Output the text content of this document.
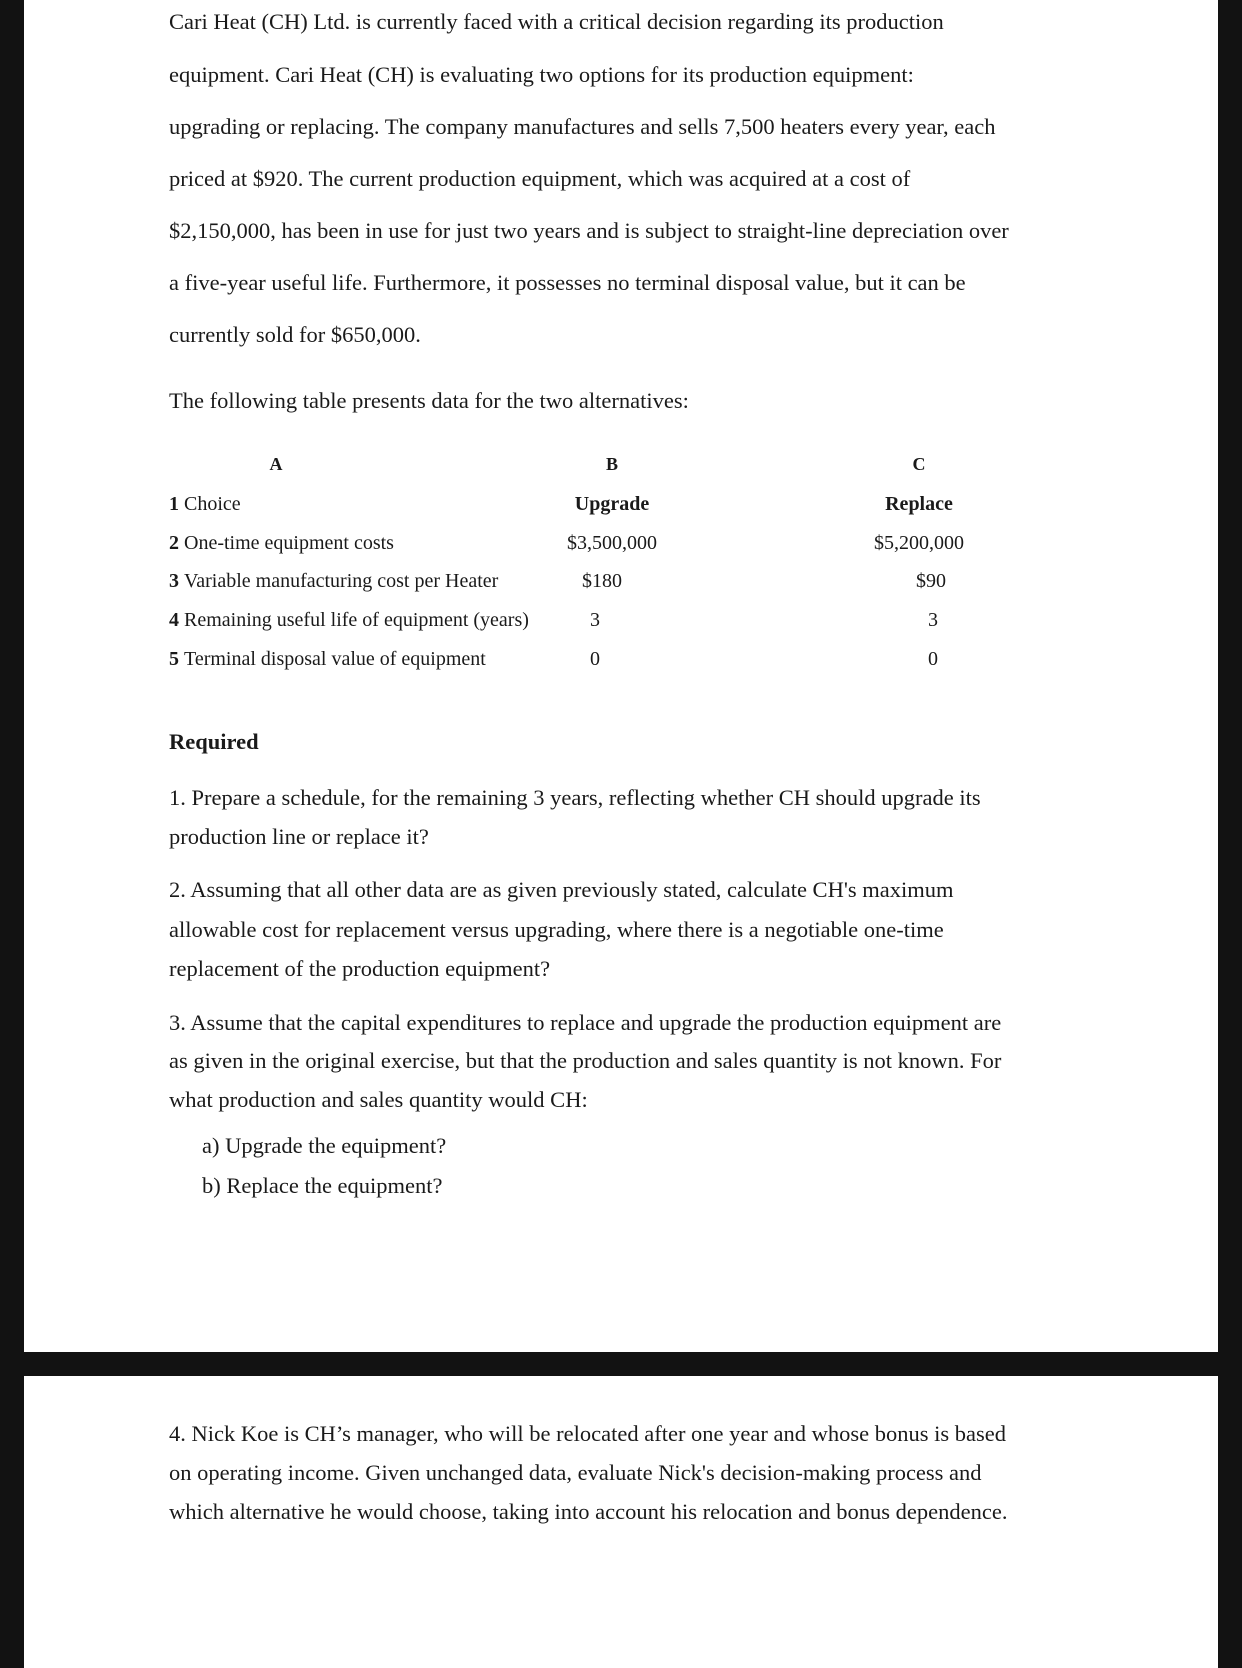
Cari Heat (CH) Ltd. is currently faced with a critical decision regarding its production
equipment. Cari Heat (CH) is evaluating two options for its production equipment:
upgrading or replacing. The company manufactures and sells 7,500 heaters every year, each
priced at $920. The current production equipment, which was acquired at a cost of
$2,150,000, has been in use for just two years and is subject to straight-line depreciation over
a five-year useful life. Furthermore, it possesses no terminal disposal value, but it can be
currently sold for $650,000.
The following table presents data for the two alternatives:
A	B	C
1 Choice	Upgrade	Replace
2 One-time equipment costs	$3,500,000	$5,200,000
3 Variable manufacturing cost per Heater	$180	$90
4 Remaining useful life of equipment (years)	3	3
5 Terminal disposal value of equipment	0	0
Required
1. Prepare a schedule, for the remaining 3 years, reflecting whether CH should upgrade its
production line or replace it?
2. Assuming that all other data are as given previously stated, calculate CH's maximum
allowable cost for replacement versus upgrading, where there is a negotiable one-time
replacement of the production equipment?
3. Assume that the capital expenditures to replace and upgrade the production equipment are
as given in the original exercise, but that the production and sales quantity is not known. For
what production and sales quantity would CH:
a) Upgrade the equipment?
b) Replace the equipment?
4. Nick Koe is CH’s manager, who will be relocated after one year and whose bonus is based
on operating income. Given unchanged data, evaluate Nick's decision-making process and
which alternative he would choose, taking into account his relocation and bonus dependence.
